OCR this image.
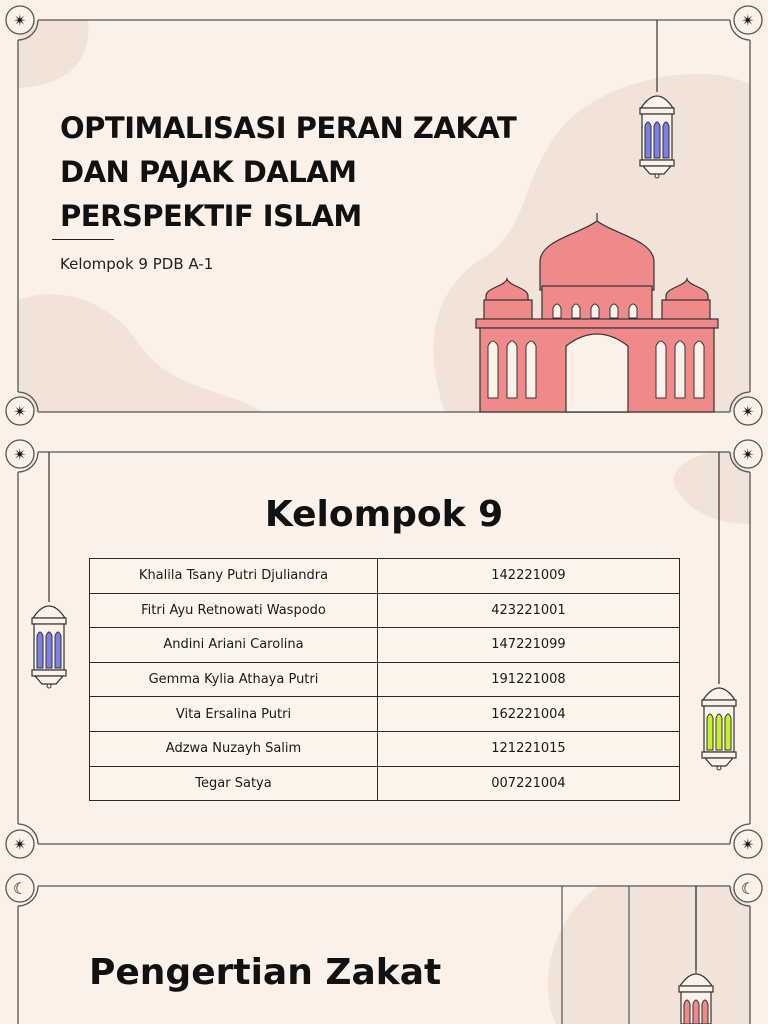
✴	✴
✴	✴
OPTIMALISASI PERAN ZAKAT
DAN PAJAK DALAM
PERSPEKTIF ISLAM
Kelompok 9 PDB A-1
✴	✴
✴	✴
Kelompok 9
Khalila Tsany Putri Djuliandra	142221009
Fitri Ayu Retnowati Waspodo	423221001
Andini Ariani Carolina	147221099
Gemma Kylia Athaya Putri	191221008
Vita Ersalina Putri	162221004
Adzwa Nuzayh Salim	121221015
Tegar Satya	007221004
☾	☾
Pengertian Zakat
